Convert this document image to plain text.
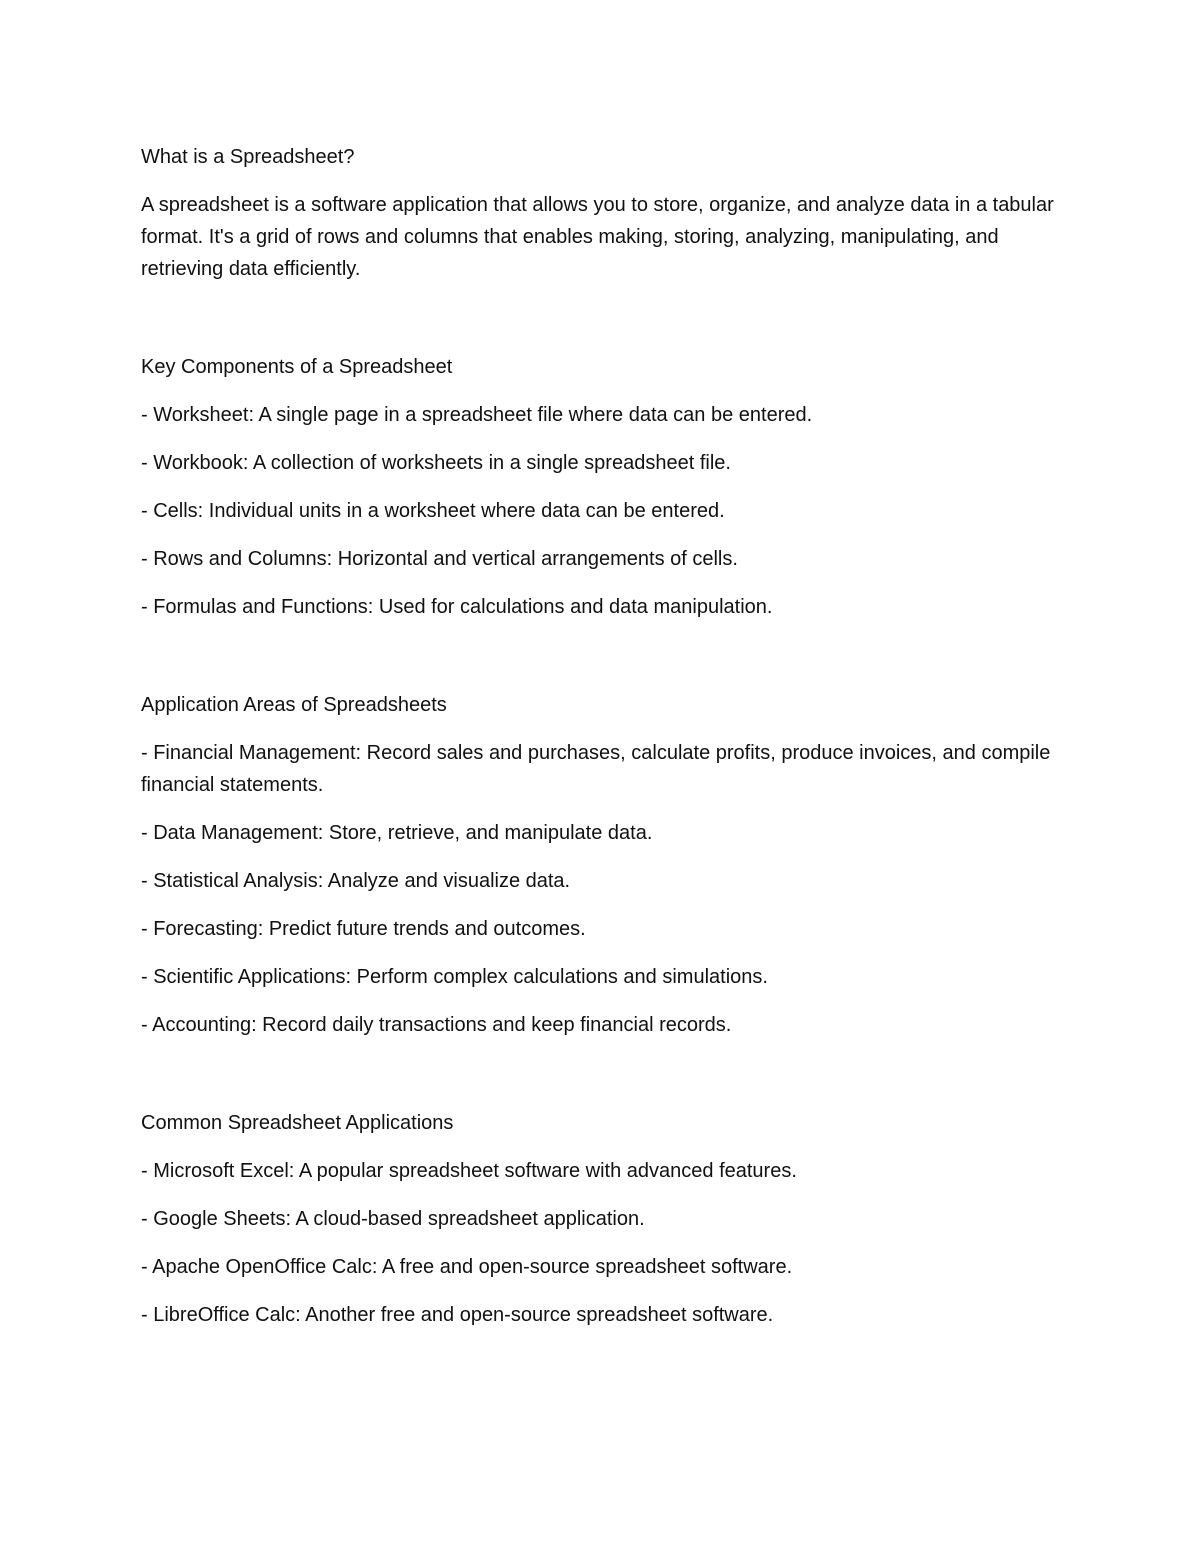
What is a Spreadsheet?

A spreadsheet is a software application that allows you to store, organize, and analyze data in a tabular format. It's a grid of rows and columns that enables making, storing, analyzing, manipulating, and retrieving data efficiently.

Key Components of a Spreadsheet

- Worksheet: A single page in a spreadsheet file where data can be entered.

- Workbook: A collection of worksheets in a single spreadsheet file.

- Cells: Individual units in a worksheet where data can be entered.

- Rows and Columns: Horizontal and vertical arrangements of cells.

- Formulas and Functions: Used for calculations and data manipulation.

Application Areas of Spreadsheets

- Financial Management: Record sales and purchases, calculate profits, produce invoices, and compile financial statements.

- Data Management: Store, retrieve, and manipulate data.

- Statistical Analysis: Analyze and visualize data.

- Forecasting: Predict future trends and outcomes.

- Scientific Applications: Perform complex calculations and simulations.

- Accounting: Record daily transactions and keep financial records.

Common Spreadsheet Applications

- Microsoft Excel: A popular spreadsheet software with advanced features.

- Google Sheets: A cloud-based spreadsheet application.

- Apache OpenOffice Calc: A free and open-source spreadsheet software.

- LibreOffice Calc: Another free and open-source spreadsheet software.
